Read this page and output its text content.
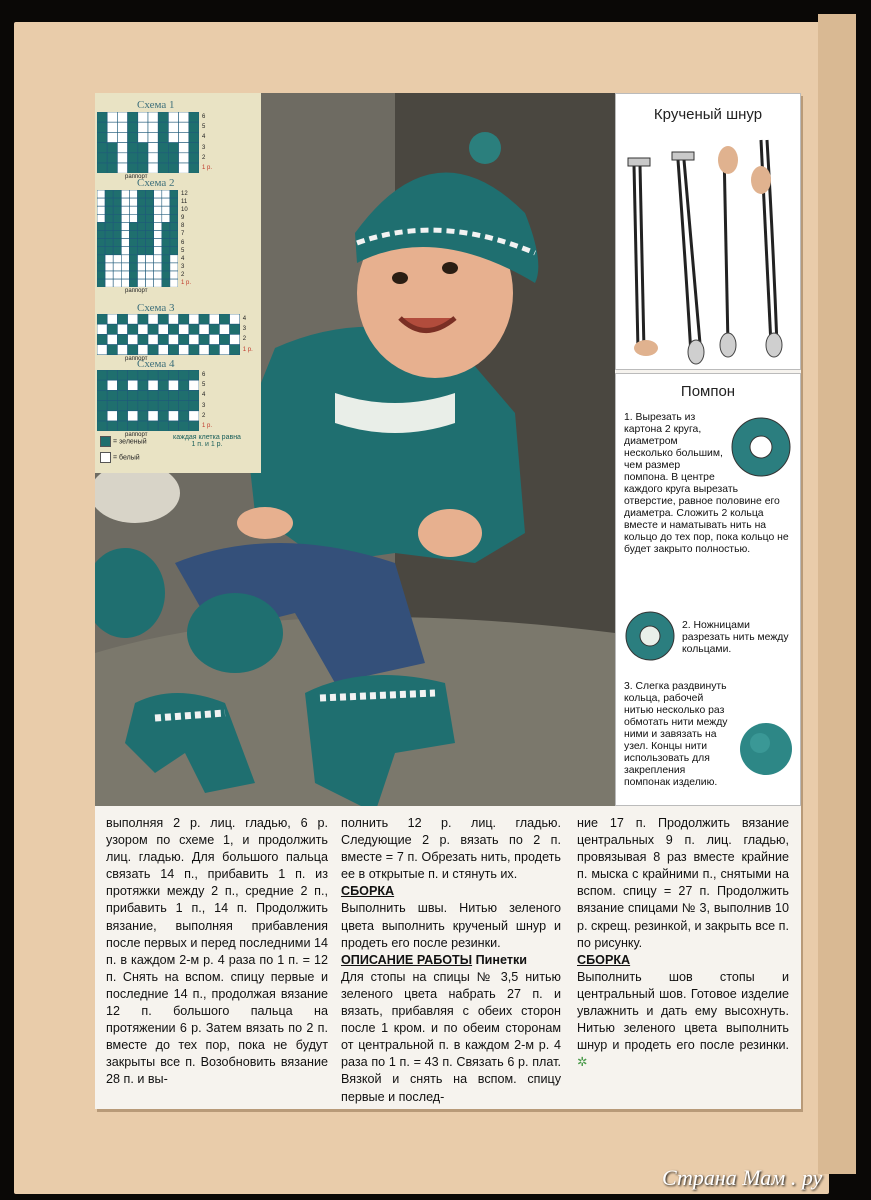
Схема 1
6
5
4
3
2
1 р.
раппорт
Схема 2
12
11
10
9
8
7
6
5
4
3
2
1 р.
раппорт
Схема 3
4
3
2
1 р.
раппорт
Схема 4
6
5
4
3
2
1 р.
раппорт
= зеленый
= белый
каждая клетка равна 1 п. и 1 р.
Крученый шнур
Помпон
1. Вырезать из картона 2 круга, диаметром несколько большим, чем размер помпона. В центре каждого круга вырезать отверстие, равное половине его диаметра. Сложить 2 кольца вместе и наматывать нить на кольцо до тех пор, пока кольцо не будет закрыто полностью.
2. Ножницами разрезать нить между кольцами.
3. Слегка раздвинуть кольца, рабочей нитью несколько раз обмотать нити между ними и завязать на узел. Концы нити использовать для закрепления помпонак изделию.

выполняя 2 р. лиц. гладью, 6 р. узором по схеме 1, и продолжить лиц. гладью. Для большого пальца связать 14 п., прибавить 1 п. из протяжки между 2 п., средние 2 п., прибавить 1 п., 14 п. Продолжить вязание, выполняя прибавления после первых и перед последними 14 п. в каждом 2-м р. 4 раза по 1 п. = 12 п. Снять на вспом. спицу первые и последние 14 п., продолжая вязание 12 п. большого пальца на протяжении 6 р. Затем вязать по 2 п. вместе до тех пор, пока не будут закрыты все п. Возобновить вязание 28 п. и вы-

полнить 12 р. лиц. гладью. Следующие 2 р. вязать по 2 п. вместе = 7 п. Обрезать нить, продеть ее в открытые п. и стянуть их.

СБОРКА

Выполнить швы. Нитью зеленого цвета выполнить крученый шнур и продеть его после резинки.

ОПИСАНИЕ РАБОТЫ Пинетки

Для стопы на спицы № 3,5 нитью зеленого цвета набрать 27 п. и вязать, прибавляя с обеих сторон после 1 кром. и по обеим сторонам от центральной п. в каждом 2-м р. 4 раза по 1 п. = 43 п. Связать 6 р. плат. Вязкой и снять на вспом. спицу первые и послед-

ние 17 п. Продолжить вязание центральных 9 п. лиц. гладью, провязывая 8 раз вместе крайние п. мыска с крайними п., снятыми на вспом. спицу = 27 п. Продолжить вязание спицами № 3, выполнив 10 р. скрещ. резинкой, и закрыть все п. по рисунку.

СБОРКА

Выполнить шов стопы и центральный шов. Готовое изделие увлажнить и дать ему высохнуть. Нитью зеленого цвета выполнить шнур и продеть его после резинки. ✲

Страна Мам . ру
